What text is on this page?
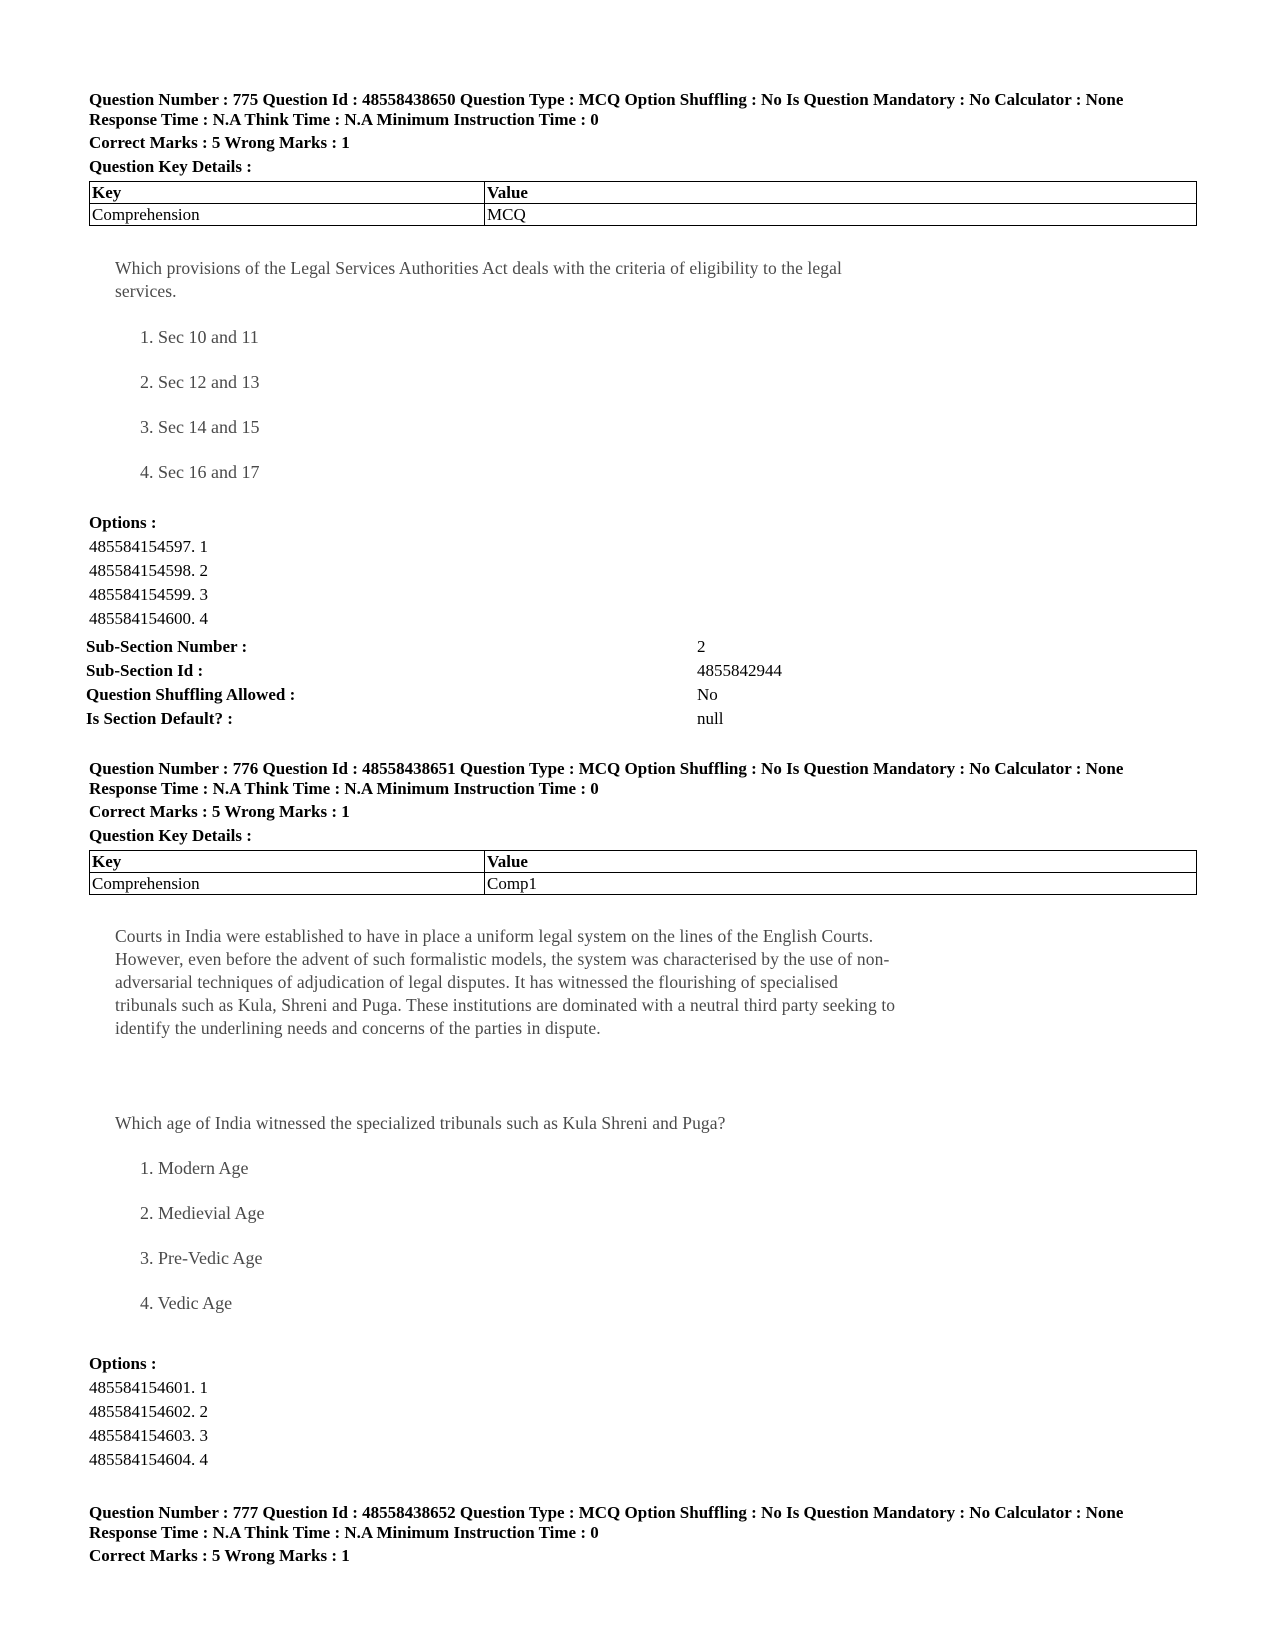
Question Number : 775 Question Id : 48558438650 Question Type : MCQ Option Shuffling : No Is Question Mandatory : No Calculator : None
Response Time : N.A Think Time : N.A Minimum Instruction Time : 0
Correct Marks : 5 Wrong Marks : 1
Question Key Details :
Key	Value
Comprehension	MCQ

Which provisions of the Legal Services Authorities Act deals with the criteria of eligibility to the legal

services.

1. Sec 10 and 11
2. Sec 12 and 13
3. Sec 14 and 15
4. Sec 16 and 17
Options :
485584154597. 1
485584154598. 2
485584154599. 3
485584154600. 4
Sub-Section Number :	2
Sub-Section Id :	4855842944
Question Shuffling Allowed :	No
Is Section Default? :	null
Question Number : 776 Question Id : 48558438651 Question Type : MCQ Option Shuffling : No Is Question Mandatory : No Calculator : None
Response Time : N.A Think Time : N.A Minimum Instruction Time : 0
Correct Marks : 5 Wrong Marks : 1
Question Key Details :
Key	Value
Comprehension	Comp1

Courts in India were established to have in place a uniform legal system on the lines of the English Courts.

However, even before the advent of such formalistic models, the system was characterised by the use of non-

adversarial techniques of adjudication of legal disputes. It has witnessed the flourishing of specialised

tribunals such as Kula, Shreni and Puga. These institutions are dominated with a neutral third party seeking to

identify the underlining needs and concerns of the parties in dispute.

Which age of India witnessed the specialized tribunals such as Kula Shreni and Puga?

1. Modern Age
2. Medievial Age
3. Pre-Vedic Age
4. Vedic Age
Options :
485584154601. 1
485584154602. 2
485584154603. 3
485584154604. 4
Question Number : 777 Question Id : 48558438652 Question Type : MCQ Option Shuffling : No Is Question Mandatory : No Calculator : None
Response Time : N.A Think Time : N.A Minimum Instruction Time : 0
Correct Marks : 5 Wrong Marks : 1
